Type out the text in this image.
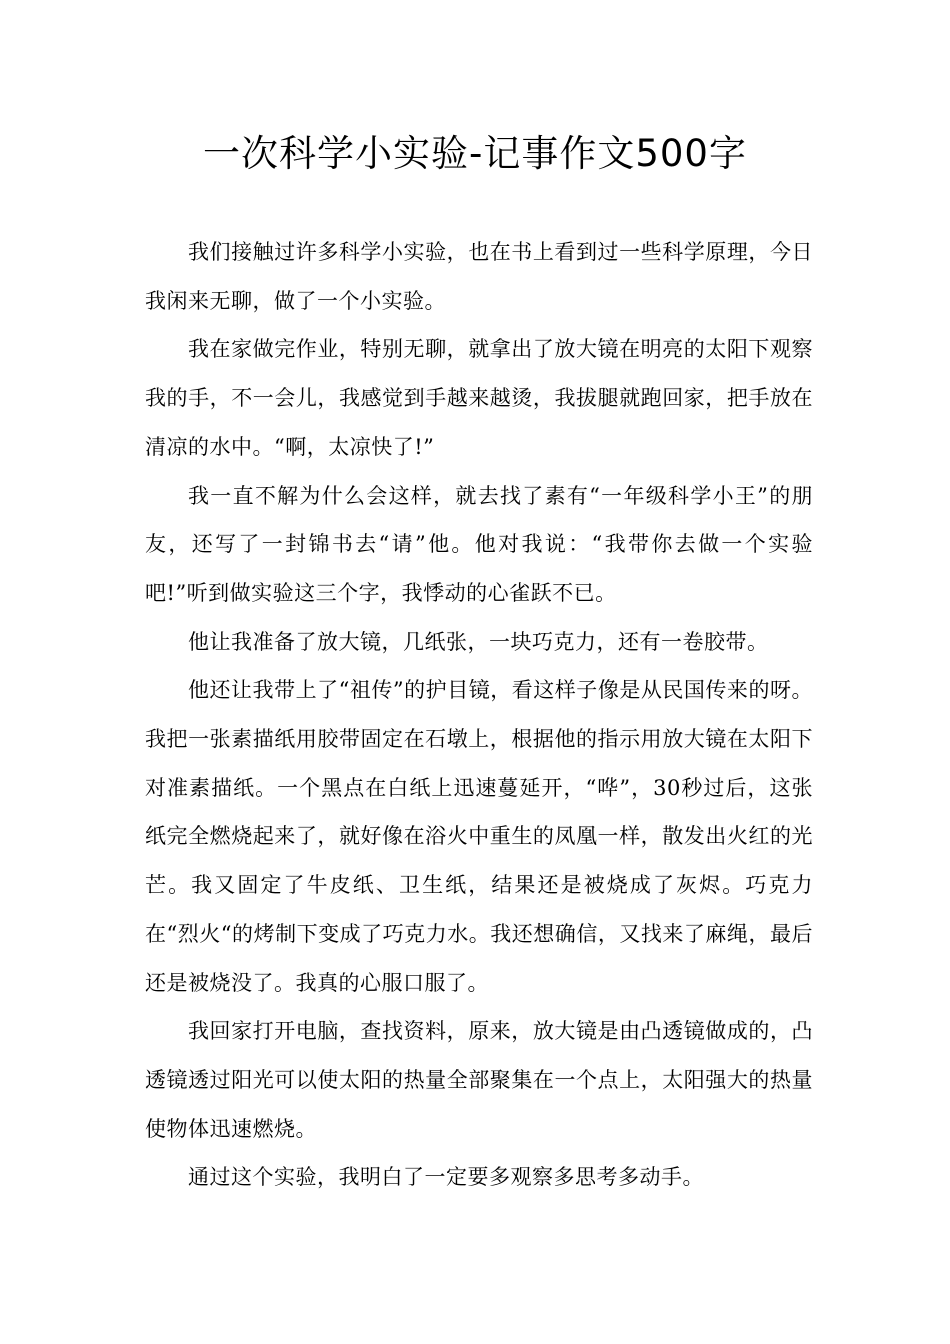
一次科学小实验-记事作文500字

我们接触过许多科学小实验，也在书上看到过一些科学原理，今日我闲来无聊，做了一个小实验。

我在家做完作业，特别无聊，就拿出了放大镜在明亮的太阳下观察我的手，不一会儿，我感觉到手越来越烫，我拔腿就跑回家，把手放在清凉的水中。“啊，太凉快了!”

我一直不解为什么会这样，就去找了素有“一年级科学小王”的朋友，还写了一封锦书去“请”他。他对我说：“我带你去做一个实验吧!”听到做实验这三个字，我悸动的心雀跃不已。

他让我准备了放大镜，几纸张，一块巧克力，还有一卷胶带。

他还让我带上了“祖传”的护目镜，看这样子像是从民国传来的呀。我把一张素描纸用胶带固定在石墩上，根据他的指示用放大镜在太阳下对准素描纸。一个黑点在白纸上迅速蔓延开，“哗”，30秒过后，这张纸完全燃烧起来了，就好像在浴火中重生的凤凰一样，散发出火红的光芒。我又固定了牛皮纸、卫生纸，结果还是被烧成了灰烬。巧克力在“烈火“的烤制下变成了巧克力水。我还想确信，又找来了麻绳，最后还是被烧没了。我真的心服口服了。

我回家打开电脑，查找资料，原来，放大镜是由凸透镜做成的，凸透镜透过阳光可以使太阳的热量全部聚集在一个点上，太阳强大的热量使物体迅速燃烧。

通过这个实验，我明白了一定要多观察多思考多动手。
